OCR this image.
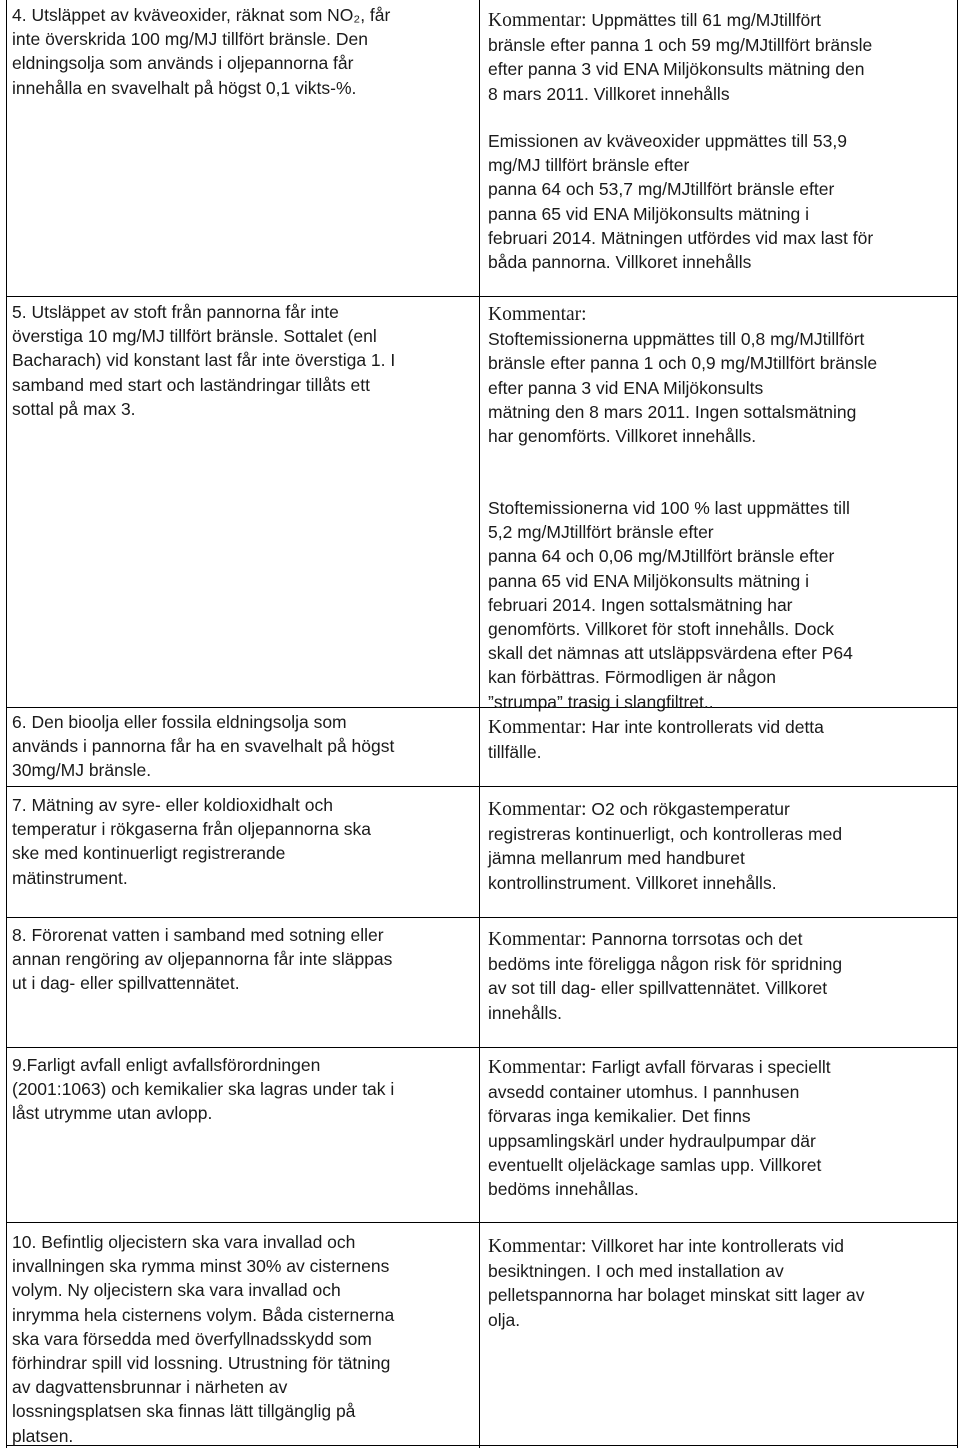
4. Utsläppet av kväveoxider, räknat som NO₂, får
inte överskrida 100 mg/MJ tillfört bränsle. Den
eldningsolja som används i oljepannorna får
innehålla en svavelhalt på högst 0,1 vikts-%.
Kommentar: Uppmättes till 61 mg/MJtillfört
bränsle efter panna 1 och 59 mg/MJtillfört bränsle
efter panna 3 vid ENA Miljökonsults mätning den
8 mars 2011. Villkoret innehålls
Emissionen av kväveoxider uppmättes till 53,9
mg/MJ tillfört bränsle efter
panna 64 och 53,7 mg/MJtillfört bränsle efter
panna 65 vid ENA Miljökonsults mätning i
februari 2014. Mätningen utfördes vid max last för
båda pannorna. Villkoret innehålls
5. Utsläppet av stoft från pannorna får inte
överstiga 10 mg/MJ tillfört bränsle. Sottalet (enl
Bacharach) vid konstant last får inte överstiga 1. I
samband med start och laständringar tillåts ett
sottal på max 3.
Kommentar:
Stoftemissionerna uppmättes till 0,8 mg/MJtillfört
bränsle efter panna 1 och 0,9 mg/MJtillfört bränsle
efter panna 3 vid ENA Miljökonsults
mätning den 8 mars 2011. Ingen sottalsmätning
har genomförts. Villkoret innehålls.
Stoftemissionerna vid 100 % last uppmättes till
5,2 mg/MJtillfört bränsle efter
panna 64 och 0,06 mg/MJtillfört bränsle efter
panna 65 vid ENA Miljökonsults mätning i
februari 2014. Ingen sottalsmätning har
genomförts. Villkoret för stoft innehålls. Dock
skall det nämnas att utsläppsvärdena efter P64
kan förbättras. Förmodligen är någon
”strumpa” trasig i slangfiltret..
6. Den bioolja eller fossila eldningsolja som
används i pannorna får ha en svavelhalt på högst
30mg/MJ bränsle.
Kommentar: Har inte kontrollerats vid detta
tillfälle.
7. Mätning av syre- eller koldioxidhalt och
temperatur i rökgaserna från oljepannorna ska
ske med kontinuerligt registrerande
mätinstrument.
Kommentar: O2 och rökgastemperatur
registreras kontinuerligt, och kontrolleras med
jämna mellanrum med handburet
kontrollinstrument. Villkoret innehålls.
8. Förorenat vatten i samband med sotning eller
annan rengöring av oljepannorna får inte släppas
ut i dag- eller spillvattennätet.
Kommentar: Pannorna torrsotas och det
bedöms inte föreligga någon risk för spridning
av sot till dag- eller spillvattennätet. Villkoret
innehålls.
9.Farligt avfall enligt avfallsförordningen
(2001:1063) och kemikalier ska lagras under tak i
låst utrymme utan avlopp.
Kommentar: Farligt avfall förvaras i speciellt
avsedd container utomhus. I pannhusen
förvaras inga kemikalier. Det finns
uppsamlingskärl under hydraulpumpar där
eventuellt oljeläckage samlas upp. Villkoret
bedöms innehållas.
10. Befintlig oljecistern ska vara invallad och
invallningen ska rymma minst 30% av cisternens
volym. Ny oljecistern ska vara invallad och
inrymma hela cisternens volym. Båda cisternerna
ska vara försedda med överfyllnadsskydd som
förhindrar spill vid lossning. Utrustning för tätning
av dagvattensbrunnar i närheten av
lossningsplatsen ska finnas lätt tillgänglig på
platsen.
Kommentar: Villkoret har inte kontrollerats vid
besiktningen. I och med installation av
pelletspannorna har bolaget minskat sitt lager av
olja.
